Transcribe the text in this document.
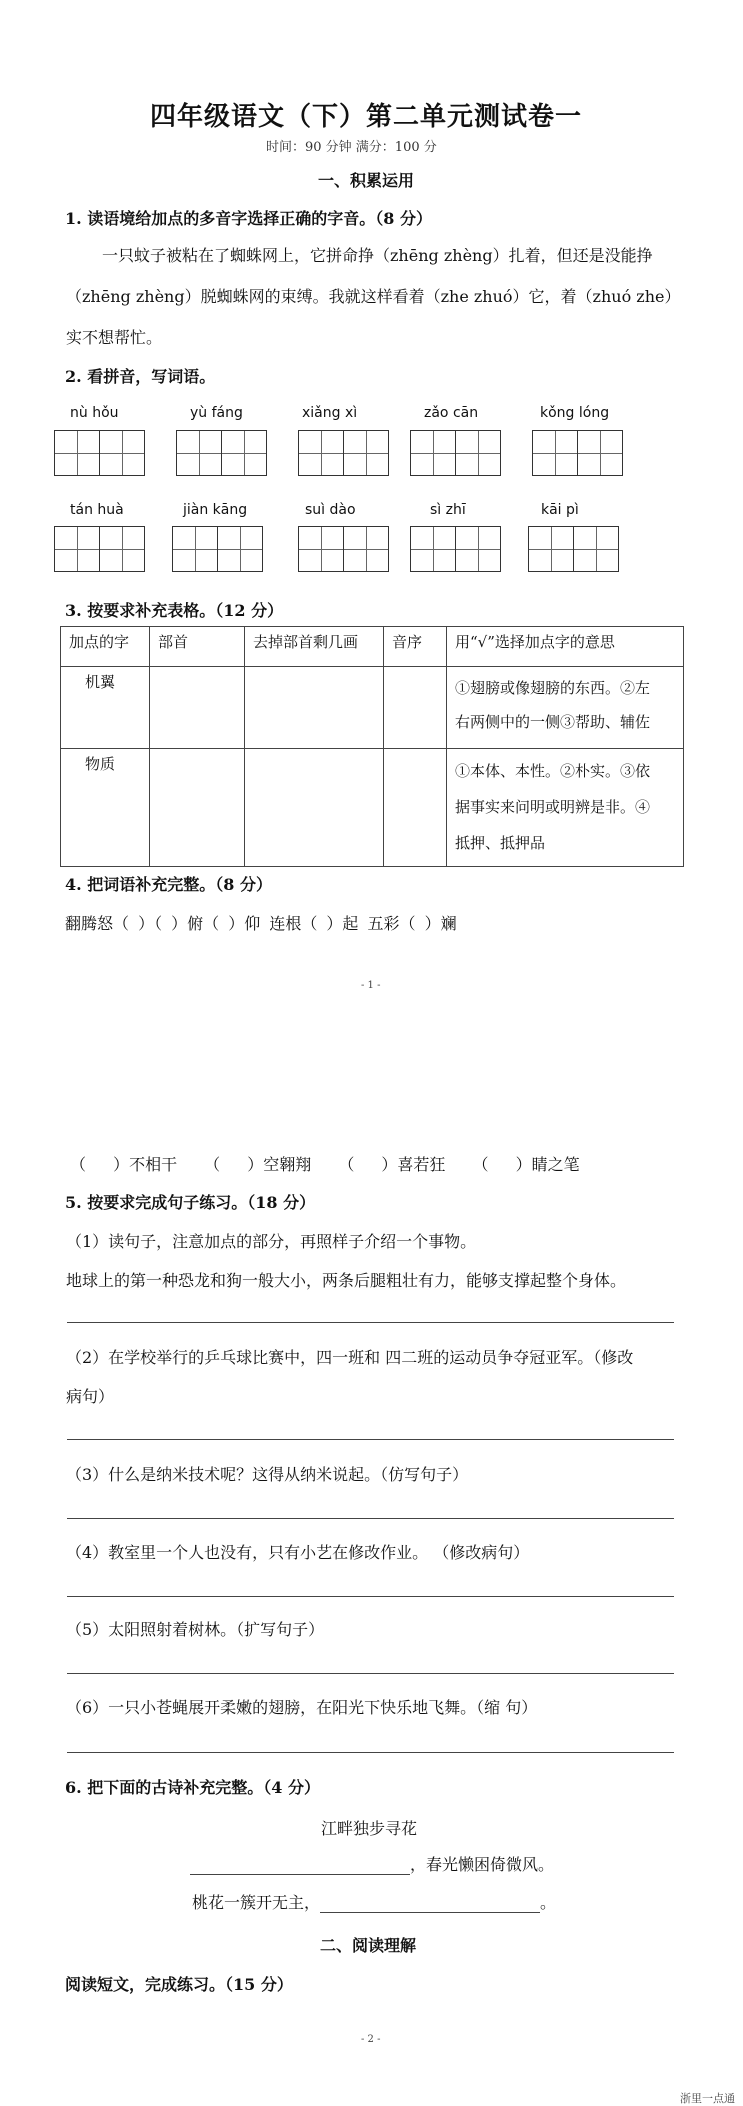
四年级语文（下）第二单元测试卷一
时间：90 分钟 满分：100 分
一、积累运用
1. 读语境给加点的多音字选择正确的字音。（8 分）
一只蚊子被粘在了蜘蛛网上，它拼命挣（zhēng zhèng）扎着，但还是没能挣
（zhēng zhèng）脱蜘蛛网的束缚。我就这样看着（zhe zhuó）它，着（zhuó zhe）
实不想帮忙。
2. 看拼音，写词语。
nù hǒu	yù fáng	xiǎng xì	zǎo cān	kǒng lóng
tán huà	jiàn kāng	suì dào	sì zhī	kāi pì
3. 按要求补充表格。（12 分）
加点的字	部首	去掉部首剩几画	音序	用“√”选择加点字的意思
机翼				①翅膀或像翅膀的东西。②左
右两侧中的一侧③帮助、辅佐

物质				①本体、本性。②朴实。③依
据事实来问明或明辨是非。④
抵押、抵押品
4. 把词语补充完整。（8 分）
翻腾怒（ ）（ ）俯（ ）仰 连根（ ）起 五彩（ ）斓
- 1 -
（ ）不相干 （ ）空翱翔 （ ）喜若狂 （ ）睛之笔
5. 按要求完成句子练习。（18 分）
（1）读句子，注意加点的部分，再照样子介绍一个事物。
地球上的第一种恐龙和狗一般大小，两条后腿粗壮有力，能够支撑起整个身体。
（2）在学校举行的乒乓球比赛中，四一班和 四二班的运动员争夺冠亚军。（修改
病句）
（3）什么是纳米技术呢？这得从纳米说起。（仿写句子）
（4）教室里一个人也没有，只有小艺在修改作业。 （修改病句）
（5）太阳照射着树林。（扩写句子）
（6）一只小苍蝇展开柔嫩的翅膀，在阳光下快乐地飞舞。（缩 句）
6. 把下面的古诗补充完整。（4 分）
江畔独步寻花
，春光懒困倚微风。
桃花一簇开无主，	。
二、阅读理解
阅读短文，完成练习。（15 分）
- 2 -
浙里一点通
